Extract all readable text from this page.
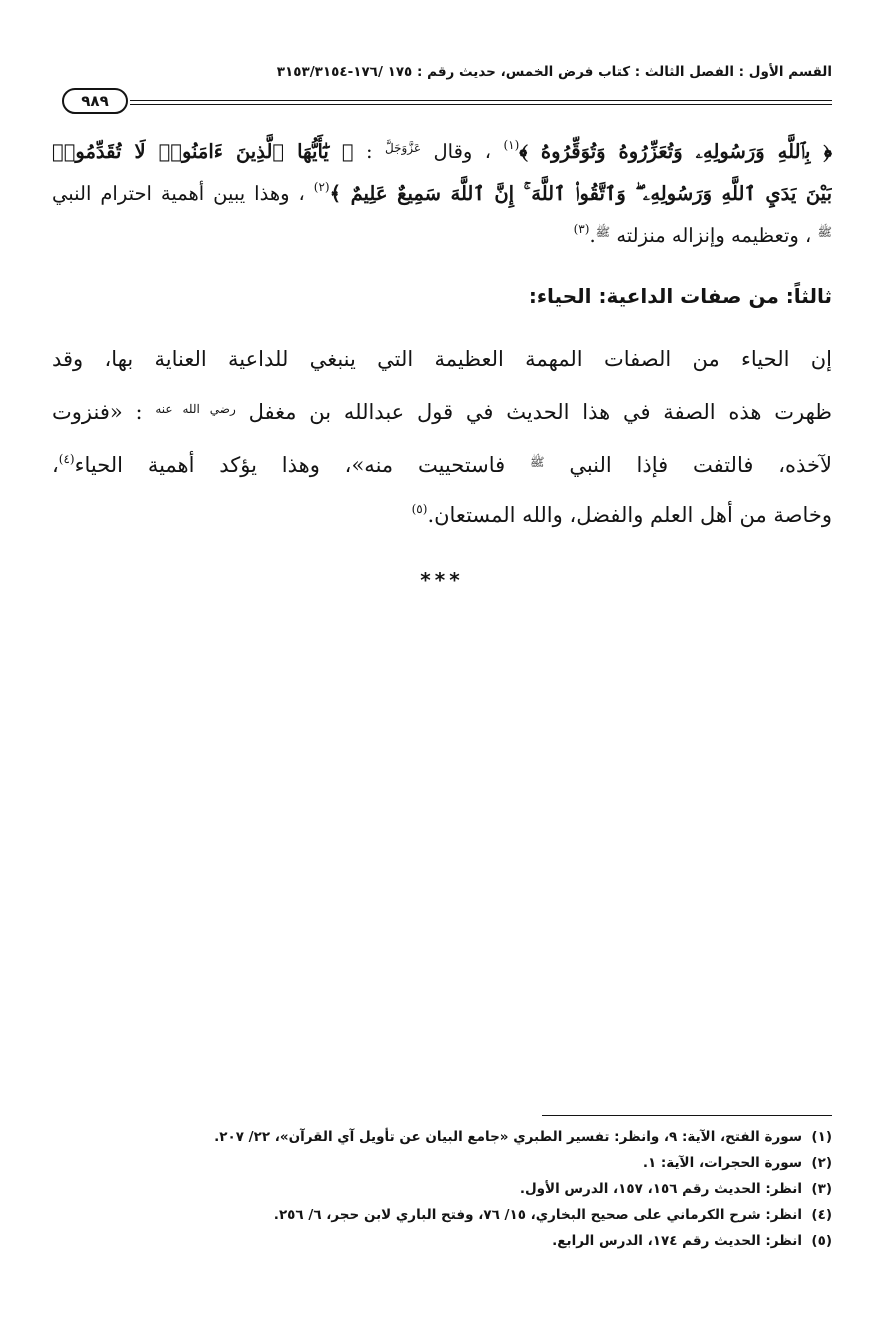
القسم الأول : الفصل الثالث : كتاب فرض الخمس، حديث رقم : ١٧٥ /١٧٦-٣١٥٣/٣١٥٤
٩٨٩
﴿ بِٱللَّهِ وَرَسُولِهِۦ وَتُعَزِّرُوهُ وَتُوَقِّرُوهُ ﴾$^{(١)}$ ، وقال $^{عَزَّوَجَلَّ}$ : ﴿ يَٰٓأَيُّهَا ٱلَّذِينَ ءَامَنُوا۟ لَا تُقَدِّمُوا۟
بَيْنَ يَدَيِ ٱللَّهِ وَرَسُولِهِۦ ۖ وَٱتَّقُوا۟ ٱللَّهَ ۚ إِنَّ ٱللَّهَ سَمِيعٌ عَلِيمٌ ﴾$^{(٢)}$ ، وهذا يبين أهمية احترام النبي
$^ﷺ$ ، وتعظيمه وإنزاله منزلته $^ﷺ$.$^{(٣)}$
ثالثاً: من صفات الداعية: الحياء:
إن الحياء من الصفات المهمة العظيمة التي ينبغي للداعية العناية بها، وقد
ظهرت هذه الصفة في هذا الحديث في قول عبدالله بن مغفل $^{رضي الله عنه}$ : «فنزوت
لآخذه، فالتفت فإذا النبي $^ﷺ$ فاستحييت منه»، وهذا يؤكد أهمية الحياء$^{(٤)}$،
وخاصة من أهل العلم والفضل، والله المستعان.$^{(٥)}$
***
(١)سورة الفتح، الآية: ٩، وانظر: تفسير الطبري «جامع البيان عن تأويل آي القرآن»، ٢٢/ ٢٠٧.
(٢)سورة الحجرات، الآية: ١.
(٣)انظر: الحديث رقم ١٥٦، ١٥٧، الدرس الأول.
(٤)انظر: شرح الكرماني على صحيح البخاري، ١٥/ ٧٦، وفتح الباري لابن حجر، ٦/ ٢٥٦.
(٥)انظر: الحديث رقم ١٧٤، الدرس الرابع.
